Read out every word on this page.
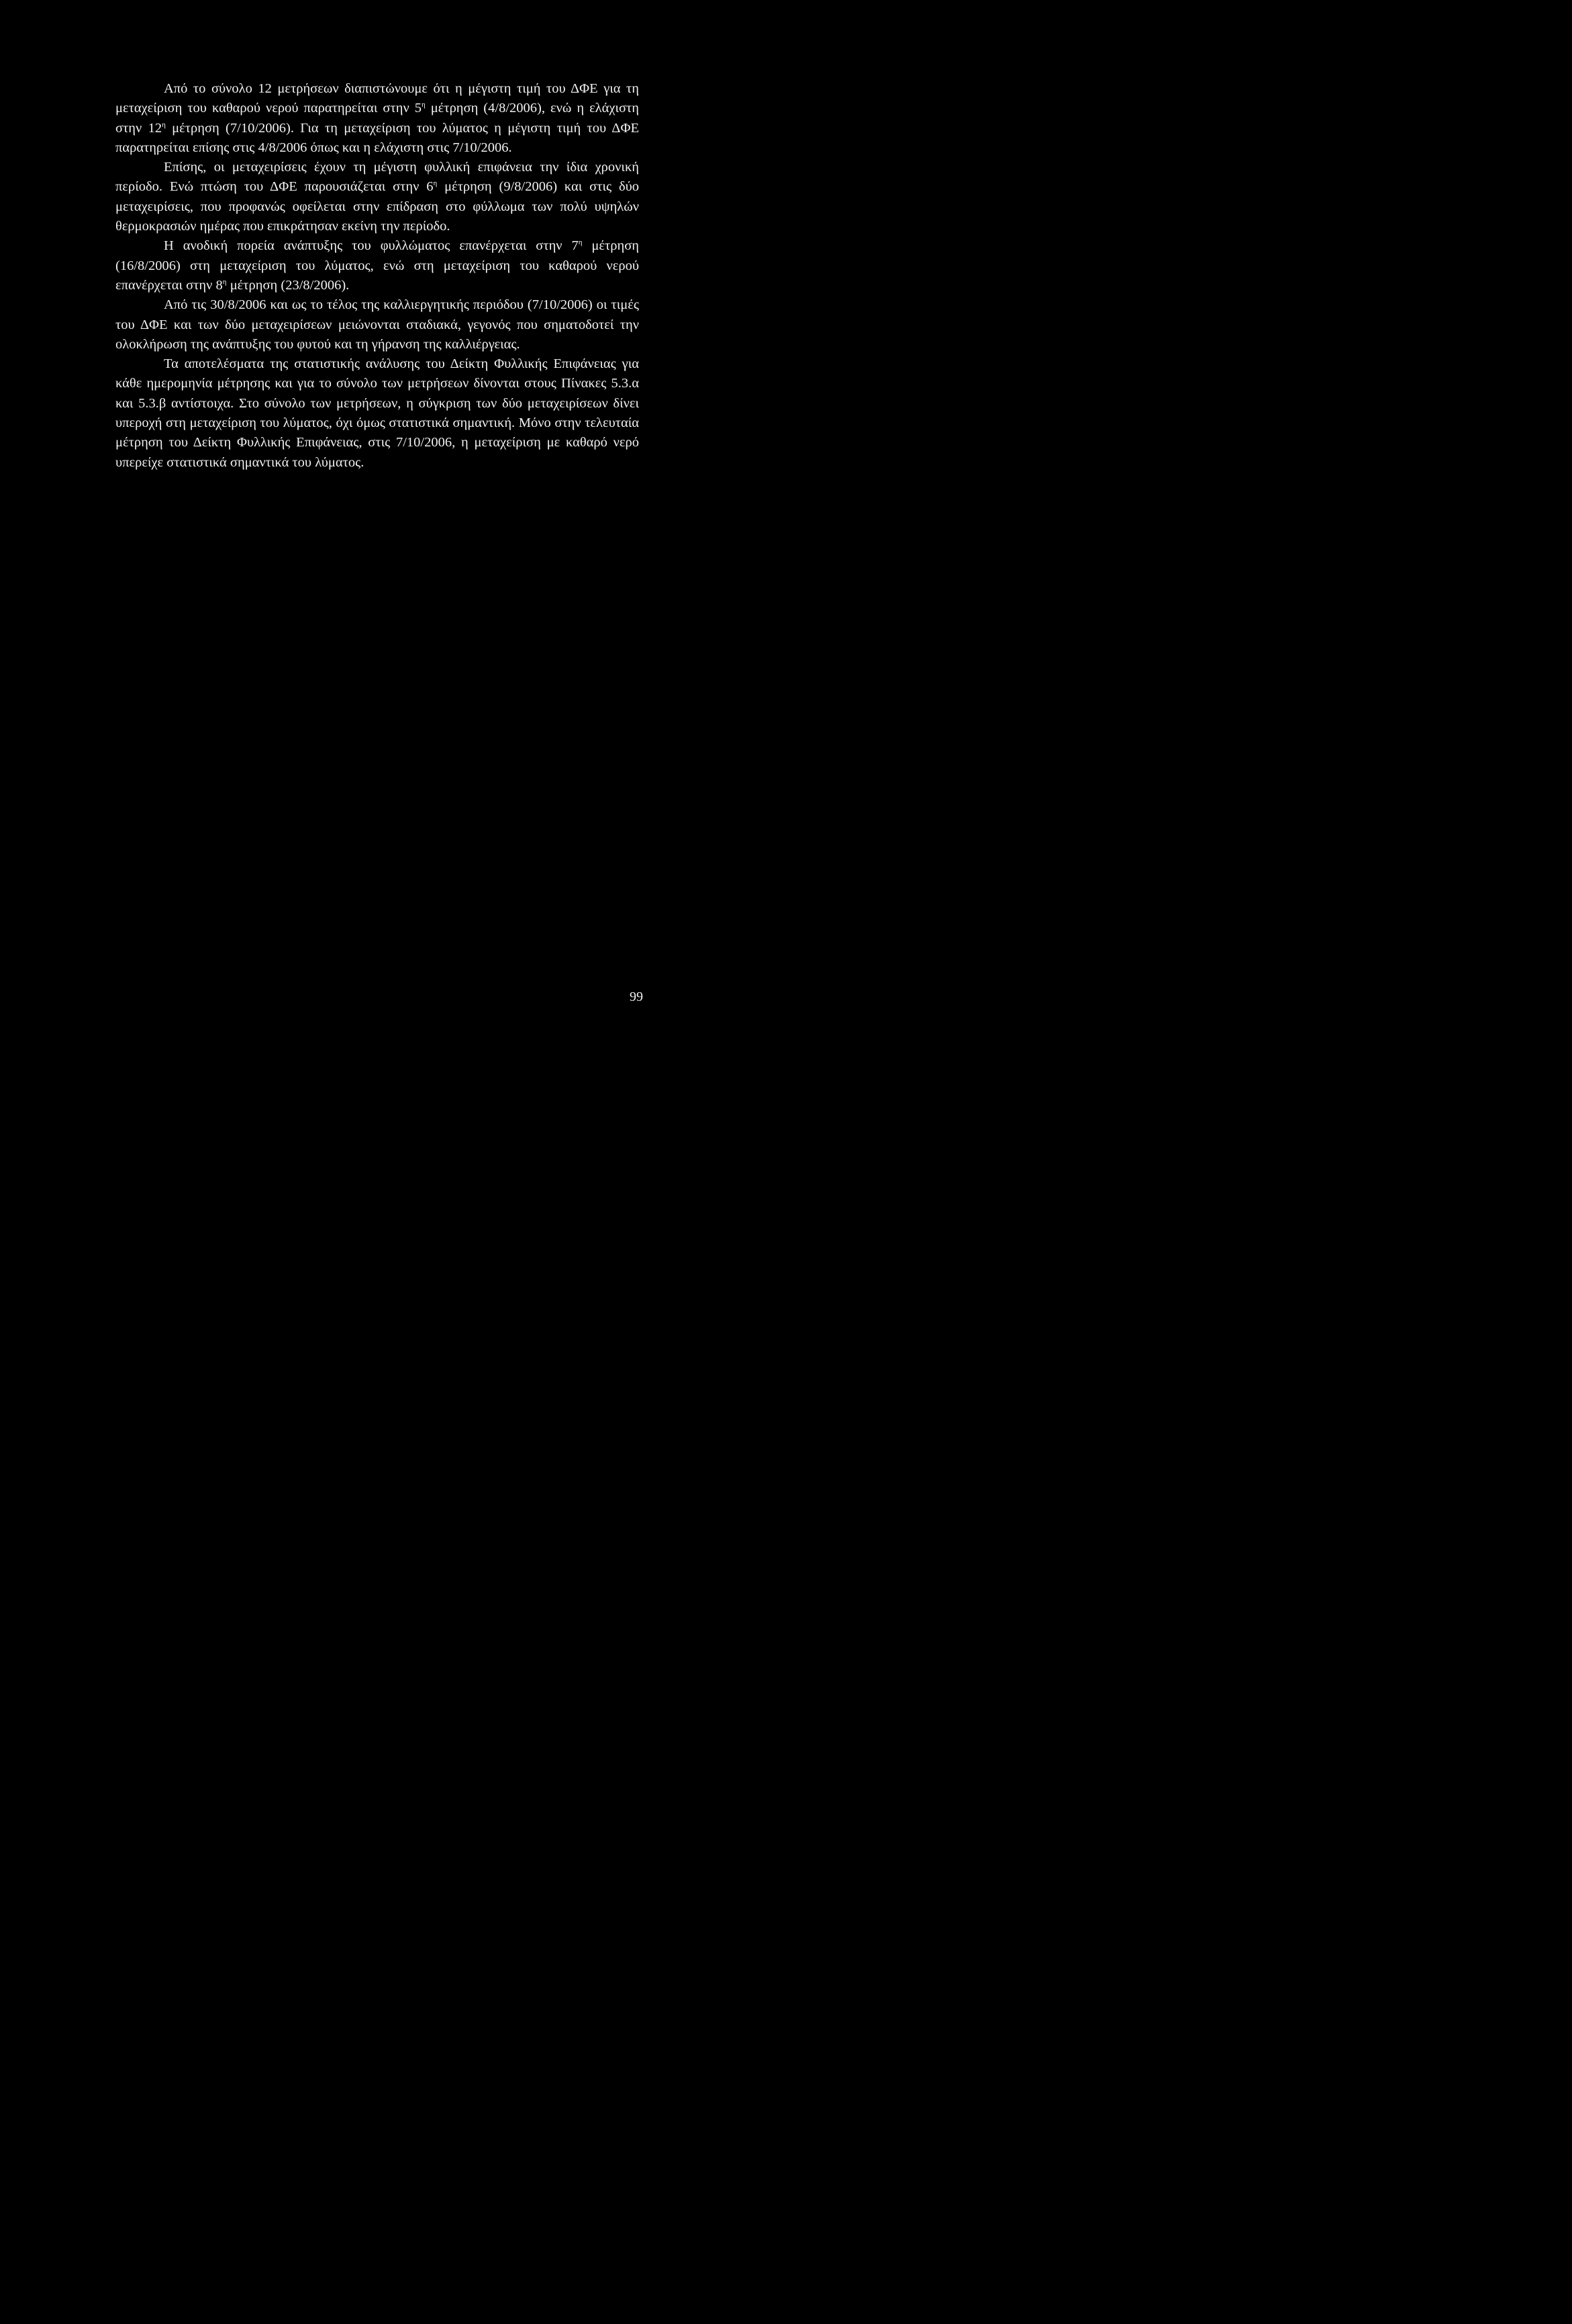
Από το σύνολο 12 μετρήσεων διαπιστώνουμε ότι η μέγιστη τιμή του ΔΦΕ για τη μεταχείριση του καθαρού νερού παρατηρείται στην $5^\eta$ μέτρηση (4/8/2006), ενώ η ελάχιστη στην $12^\eta$ μέτρηση (7/10/2006). Για τη μεταχείριση του λύματος η μέγιστη τιμή του ΔΦΕ παρατηρείται επίσης στις 4/8/2006 όπως και η ελάχιστη στις 7/10/2006.

Επίσης, οι μεταχειρίσεις έχουν τη μέγιστη φυλλική επιφάνεια την ίδια χρονική περίοδο. Ενώ πτώση του ΔΦΕ παρουσιάζεται στην $6^\eta$ μέτρηση (9/8/2006) και στις δύο μεταχειρίσεις, που προφανώς οφείλεται στην επίδραση στο φύλλωμα των πολύ υψηλών θερμοκρασιών ημέρας που επικράτησαν εκείνη την περίοδο.

Η ανοδική πορεία ανάπτυξης του φυλλώματος επανέρχεται στην $7^\eta$ μέτρηση (16/8/2006) στη μεταχείριση του λύματος, ενώ στη μεταχείριση του καθαρού νερού επανέρχεται στην $8^\eta$ μέτρηση (23/8/2006).

Από τις 30/8/2006 και ως το τέλος της καλλιεργητικής περιόδου (7/10/2006) οι τιμές του ΔΦΕ και των δύο μεταχειρίσεων μειώνονται σταδιακά, γεγονός που σηματοδοτεί την ολοκλήρωση της ανάπτυξης του φυτού και τη γήρανση της καλλιέργειας.

Τα αποτελέσματα της στατιστικής ανάλυσης του Δείκτη Φυλλικής Επιφάνειας για κάθε ημερομηνία μέτρησης και για το σύνολο των μετρήσεων δίνονται στους Πίνακες 5.3.α και 5.3.β αντίστοιχα. Στο σύνολο των μετρήσεων, η σύγκριση των δύο μεταχειρίσεων δίνει υπεροχή στη μεταχείριση του λύματος, όχι όμως στατιστικά σημαντική. Μόνο στην τελευταία μέτρηση του Δείκτη Φυλλικής Επιφάνειας, στις 7/10/2006, η μεταχείριση με καθαρό νερό υπερείχε στατιστικά σημαντικά του λύματος.

99
